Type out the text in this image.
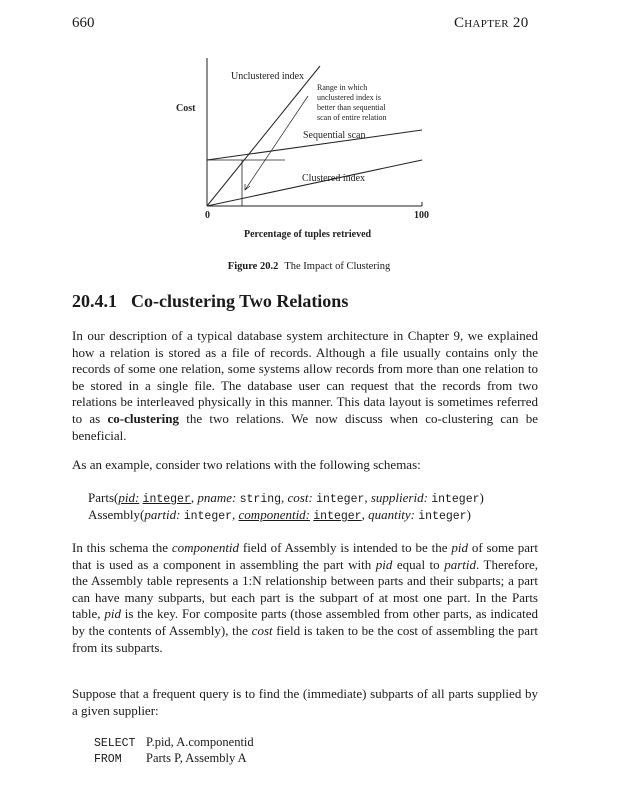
660	Chapter 20
Cost
Unclustered index
Range in which
unclustered index is
better than sequential
scan of entire relation
Sequential scan
Clustered index
0	100
Percentage of tuples retrieved
Figure 20.2 The Impact of Clustering
20.4.1 Co-clustering Two Relations
In our description of a typical database system architecture in Chapter 9, we explained how a relation is stored as a file of records. Although a file usually contains only the records of some one relation, some systems allow records from more than one relation to be stored in a single file. The database user can request that the records from two relations be interleaved physically in this manner. This data layout is sometimes referred to as co-clustering the two relations. We now discuss when co-clustering can be beneficial.
As an example, consider two relations with the following schemas:
Parts(pid: integer, pname: string, cost: integer, supplierid: integer)
Assembly(partid: integer, componentid: integer, quantity: integer)
In this schema the componentid field of Assembly is intended to be the pid of some part that is used as a component in assembling the part with pid equal to partid. Therefore, the Assembly table represents a 1:N relationship between parts and their subparts; a part can have many subparts, but each part is the subpart of at most one part. In the Parts table, pid is the key. For composite parts (those assembled from other parts, as indicated by the contents of Assembly), the cost field is taken to be the cost of assembling the part from its subparts.
Suppose that a frequent query is to find the (immediate) subparts of all parts supplied by a given supplier:
SELECT P.pid, A.componentid
FROM Parts P, Assembly A
